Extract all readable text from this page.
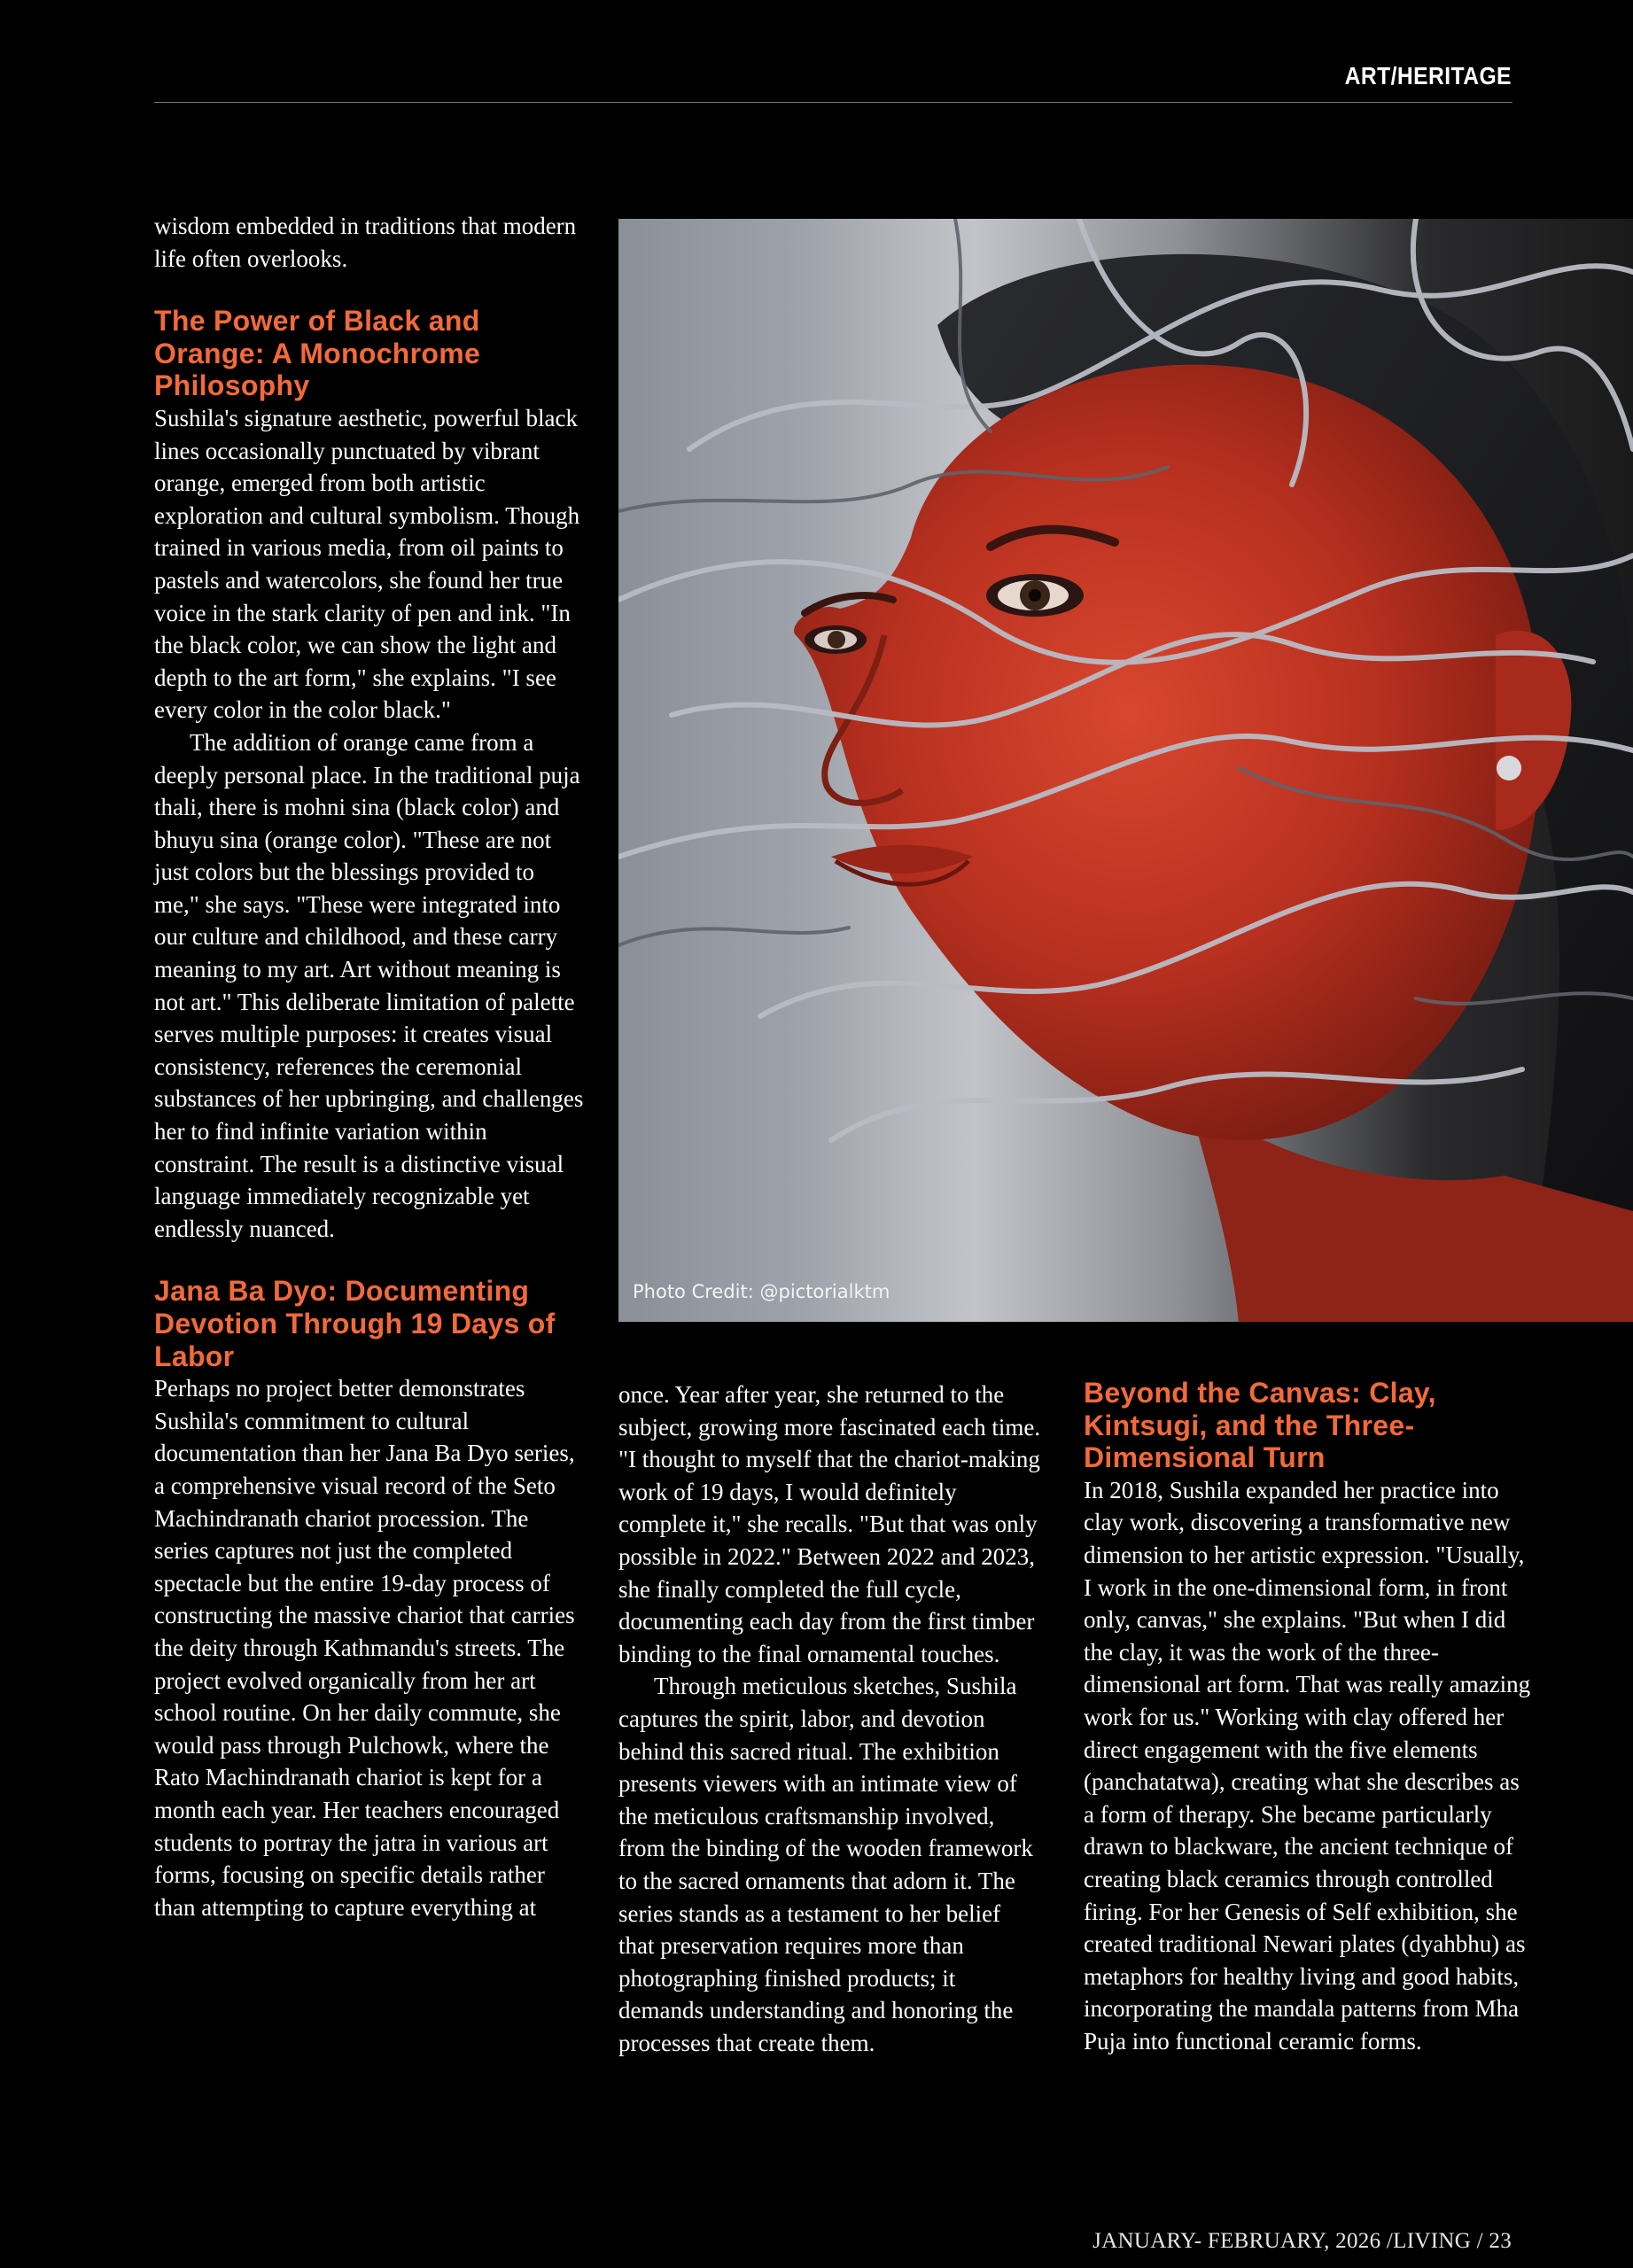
ART/HERITAGE

wisdom embedded in traditions that modern life often overlooks.

The Power of Black and Orange: A Monochrome Philosophy

Sushila's signature aesthetic, powerful black lines occasionally punctuated by vibrant orange, emerged from both artistic exploration and cultural symbolism. Though trained in various media, from oil paints to pastels and watercolors, she found her true voice in the stark clarity of pen and ink. "In the black color, we can show the light and depth to the art form," she explains. "I see every color in the color black."

The addition of orange came from a deeply personal place. In the traditional puja thali, there is mohni sina (black color) and bhuyu sina (orange color). "These are not just colors but the blessings provided to me," she says. "These were integrated into our culture and childhood, and these carry meaning to my art. Art without meaning is not art." This deliberate limitation of palette serves multiple purposes: it creates visual consistency, references the ceremonial substances of her upbringing, and challenges her to find infinite variation within constraint. The result is a distinctive visual language immediately recognizable yet endlessly nuanced.

Jana Ba Dyo: Documenting Devotion Through 19 Days of Labor

Perhaps no project better demonstrates Sushila's commitment to cultural documentation than her Jana Ba Dyo series, a comprehensive visual record of the Seto Machindranath chariot procession. The series captures not just the completed spectacle but the entire 19-day process of constructing the massive chariot that carries the deity through Kathmandu's streets. The project evolved organically from her art school routine. On her daily commute, she would pass through Pulchowk, where the Rato Machindranath chariot is kept for a month each year. Her teachers encouraged students to portray the jatra in various art forms, focusing on specific details rather than attempting to capture everything at

Photo Credit: @pictorialktm

once. Year after year, she returned to the subject, growing more fascinated each time. "I thought to myself that the chariot-making work of 19 days, I would definitely complete it," she recalls. "But that was only possible in 2022." Between 2022 and 2023, she finally completed the full cycle, documenting each day from the first timber binding to the final ornamental touches.

Through meticulous sketches, Sushila captures the spirit, labor, and devotion behind this sacred ritual. The exhibition presents viewers with an intimate view of the meticulous craftsmanship involved, from the binding of the wooden framework to the sacred ornaments that adorn it. The series stands as a testament to her belief that preservation requires more than photographing finished products; it demands understanding and honoring the processes that create them.

Beyond the Canvas: Clay, Kintsugi, and the Three-Dimensional Turn

In 2018, Sushila expanded her practice into clay work, discovering a transformative new dimension to her artistic expression. "Usually, I work in the one-dimensional form, in front only, canvas," she explains. "But when I did the clay, it was the work of the three-dimensional art form. That was really amazing work for us." Working with clay offered her direct engagement with the five elements (panchatatwa), creating what she describes as a form of therapy. She became particularly drawn to blackware, the ancient technique of creating black ceramics through controlled firing. For her Genesis of Self exhibition, she created traditional Newari plates (dyahbhu) as metaphors for healthy living and good habits, incorporating the mandala patterns from Mha Puja into functional ceramic forms.

JANUARY- FEBRUARY, 2026 /LIVING / 23
